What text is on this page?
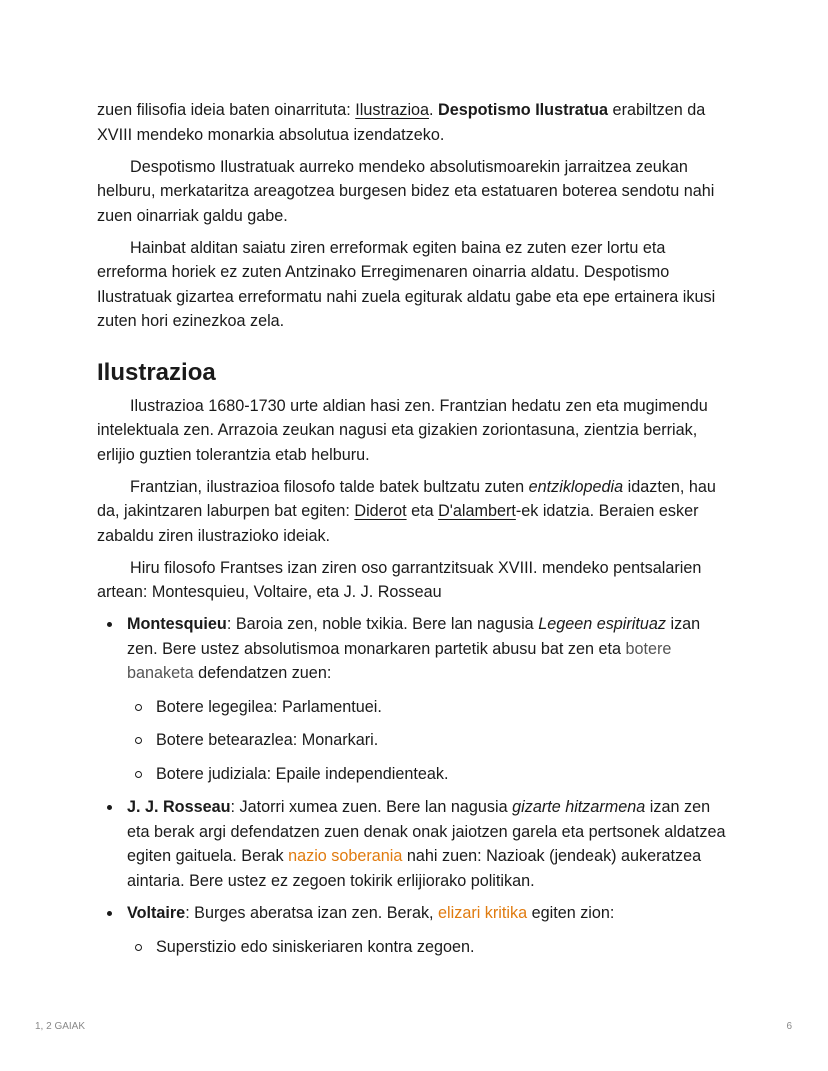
zuen filisofia ideia baten oinarrituta: Ilustrazioa. Despotismo Ilustratua erabiltzen da XVIII mendeko monarkia absolutua izendatzeko.

Despotismo Ilustratuak aurreko mendeko absolutismoarekin jarraitzea zeukan helburu, merkataritza areagotzea burgesen bidez eta estatuaren boterea sendotu nahi zuen oinarriak galdu gabe.

Hainbat alditan saiatu ziren erreformak egiten baina ez zuten ezer lortu eta erreforma horiek ez zuten Antzinako Erregimenaren oinarria aldatu. Despotismo Ilustratuak gizartea erreformatu nahi zuela egiturak aldatu gabe eta epe ertainera ikusi zuten hori ezinezkoa zela.

Ilustrazioa

Ilustrazioa 1680-1730 urte aldian hasi zen. Frantzian hedatu zen eta mugimendu intelektuala zen. Arrazoia zeukan nagusi eta gizakien zoriontasuna, zientzia berriak, erlijio guztien tolerantzia etab helburu.

Frantzian, ilustrazioa filosofo talde batek bultzatu zuten entziklopedia idazten, hau da, jakintzaren laburpen bat egiten: Diderot eta D'alambert-ek idatzia. Beraien esker zabaldu ziren ilustrazioko ideiak.

Hiru filosofo Frantses izan ziren oso garrantzitsuak XVIII. mendeko pentsalarien artean: Montesquieu, Voltaire, eta J. J. Rosseau

Montesquieu: Baroia zen, noble txikia. Bere lan nagusia Legeen espirituaz izan zen. Bere ustez absolutismoa monarkaren partetik abusu bat zen eta botere banaketa defendatzen zuen:
Botere legegilea: Parlamentuei.
Botere betearazlea: Monarkari.
Botere judiziala: Epaile independienteak.
J. J. Rosseau: Jatorri xumea zuen. Bere lan nagusia gizarte hitzarmena izan zen eta berak argi defendatzen zuen denak onak jaiotzen garela eta pertsonek aldatzea egiten gaituela. Berak nazio soberania nahi zuen: Nazioak (jendeak) aukeratzea aintaria. Bere ustez ez zegoen tokirik erlijiorako politikan.
Voltaire: Burges aberatsa izan zen. Berak, elizari kritika egiten zion:
Superstizio edo siniskeriaren kontra zegoen.
1, 2 GAIAK	6
